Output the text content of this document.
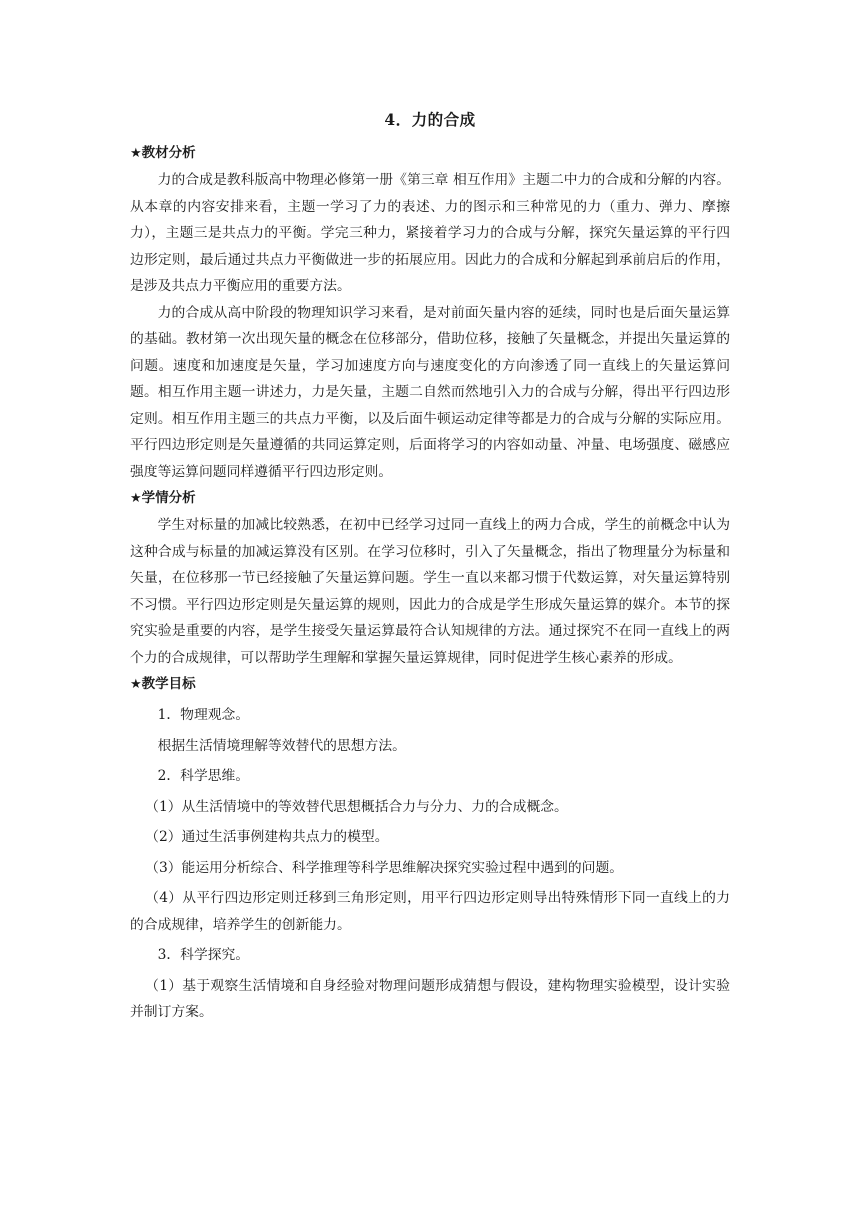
4．力的合成
★教材分析

力的合成是教科版高中物理必修第一册《第三章 相互作用》主题二中力的合成和分解的内容。从本章的内容安排来看，主题一学习了力的表述、力的图示和三种常见的力（重力、弹力、摩擦力），主题三是共点力的平衡。学完三种力，紧接着学习力的合成与分解，探究矢量运算的平行四边形定则，最后通过共点力平衡做进一步的拓展应用。因此力的合成和分解起到承前启后的作用，是涉及共点力平衡应用的重要方法。

力的合成从高中阶段的物理知识学习来看，是对前面矢量内容的延续，同时也是后面矢量运算的基础。教材第一次出现矢量的概念在位移部分，借助位移，接触了矢量概念，并提出矢量运算的问题。速度和加速度是矢量，学习加速度方向与速度变化的方向渗透了同一直线上的矢量运算问题。相互作用主题一讲述力，力是矢量，主题二自然而然地引入力的合成与分解，得出平行四边形定则。相互作用主题三的共点力平衡，以及后面牛顿运动定律等都是力的合成与分解的实际应用。平行四边形定则是矢量遵循的共同运算定则，后面将学习的内容如动量、冲量、电场强度、磁感应强度等运算问题同样遵循平行四边形定则。

★学情分析

学生对标量的加减比较熟悉，在初中已经学习过同一直线上的两力合成，学生的前概念中认为这种合成与标量的加减运算没有区别。在学习位移时，引入了矢量概念，指出了物理量分为标量和矢量，在位移那一节已经接触了矢量运算问题。学生一直以来都习惯于代数运算，对矢量运算特别不习惯。平行四边形定则是矢量运算的规则，因此力的合成是学生形成矢量运算的媒介。本节的探究实验是重要的内容，是学生接受矢量运算最符合认知规律的方法。通过探究不在同一直线上的两个力的合成规律，可以帮助学生理解和掌握矢量运算规律，同时促进学生核心素养的形成。

★教学目标

1．物理观念。

根据生活情境理解等效替代的思想方法。

2．科学思维。

（1）从生活情境中的等效替代思想概括合力与分力、力的合成概念。

（2）通过生活事例建构共点力的模型。

（3）能运用分析综合、科学推理等科学思维解决探究实验过程中遇到的问题。

（4）从平行四边形定则迁移到三角形定则，用平行四边形定则导出特殊情形下同一直线上的力的合成规律，培养学生的创新能力。

3．科学探究。

（1）基于观察生活情境和自身经验对物理问题形成猜想与假设，建构物理实验模型，设计实验并制订方案。
